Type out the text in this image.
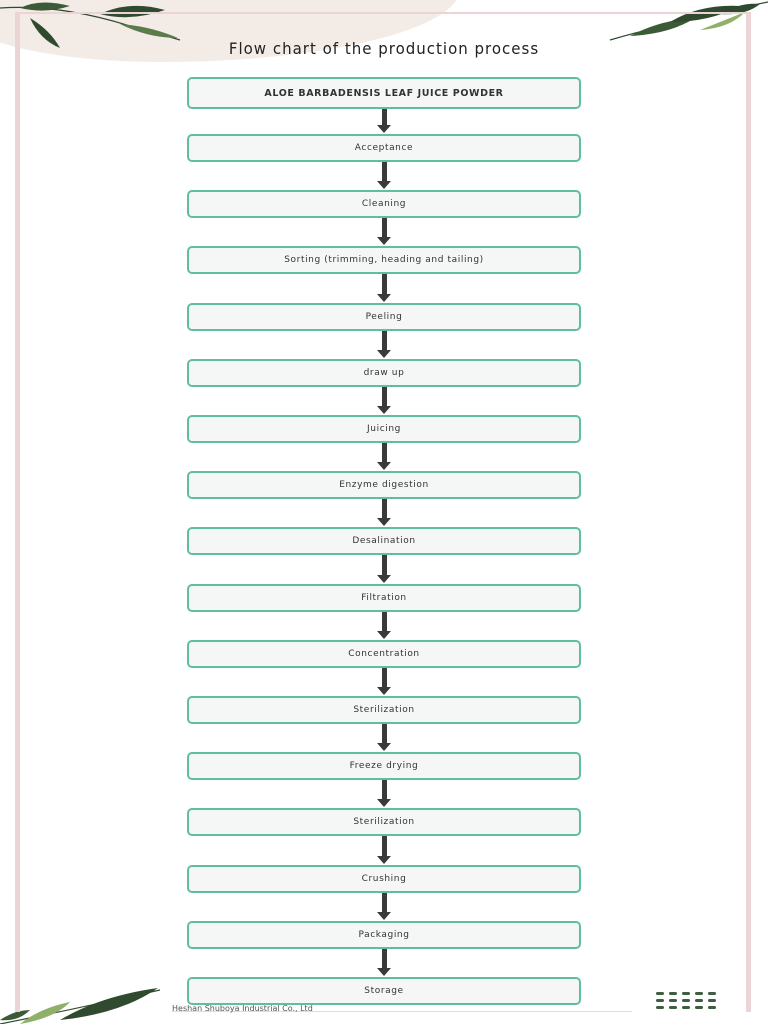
Flow chart of the production process
ALOE BARBADENSIS LEAF JUICE POWDER
Acceptance
Cleaning
Sorting (trimming, heading and tailing)
Peeling
draw up
Juicing
Enzyme digestion
Desalination
Filtration
Concentration
Sterilization
Freeze drying
Sterilization
Crushing
Packaging
Storage
Heshan Shuboya Industrial Co., Ltd
